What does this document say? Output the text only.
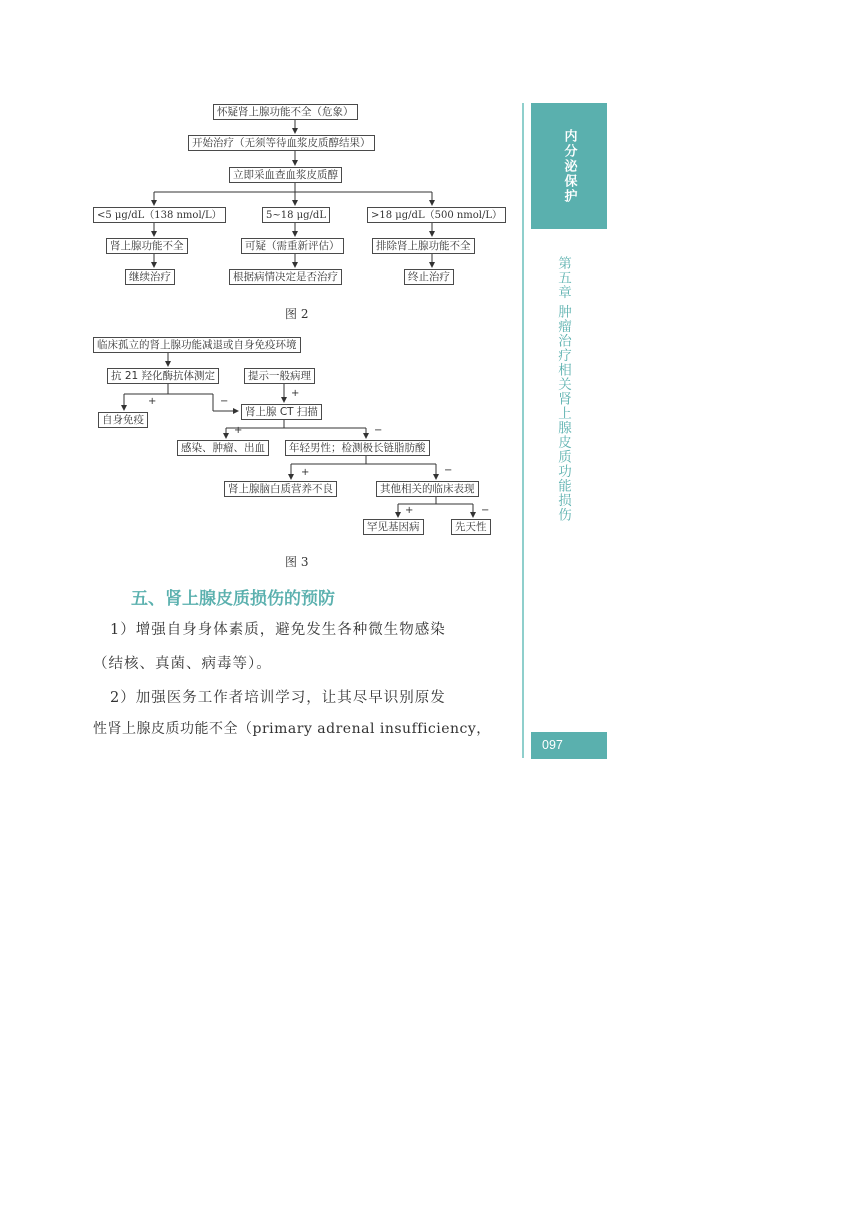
怀疑肾上腺功能不全（危象）
开始治疗（无须等待血浆皮质醇结果）
立即采血查血浆皮质醇
<5 μg/dL（138 nmol/L）	5~18 μg/dL	>18 μg/dL（500 nmol/L）
肾上腺功能不全	可疑（需重新评估）	排除肾上腺功能不全
继续治疗	根据病情决定是否治疗	终止治疗
图 2
临床孤立的肾上腺功能减退或自身免疫环境
抗 21 羟化酶抗体测定	提示一般病理
自身免疫
肾上腺 CT 扫描
感染、肿瘤、出血	年轻男性；检测极长链脂肪酸
肾上腺脑白质营养不良	其他相关的临床表现
罕见基因病	先天性
+	−
+
+	−
+	−
+	−
图 3
五、肾上腺皮质损伤的预防
1）增强自身身体素质，避免发生各种微生物感染
（结核、真菌、病毒等）。
2）加强医务工作者培训学习，让其尽早识别原发
性肾上腺皮质功能不全（primary adrenal insufficiency，
内分泌保护
第五章 肿瘤治疗相关肾上腺皮质功能损伤
097
